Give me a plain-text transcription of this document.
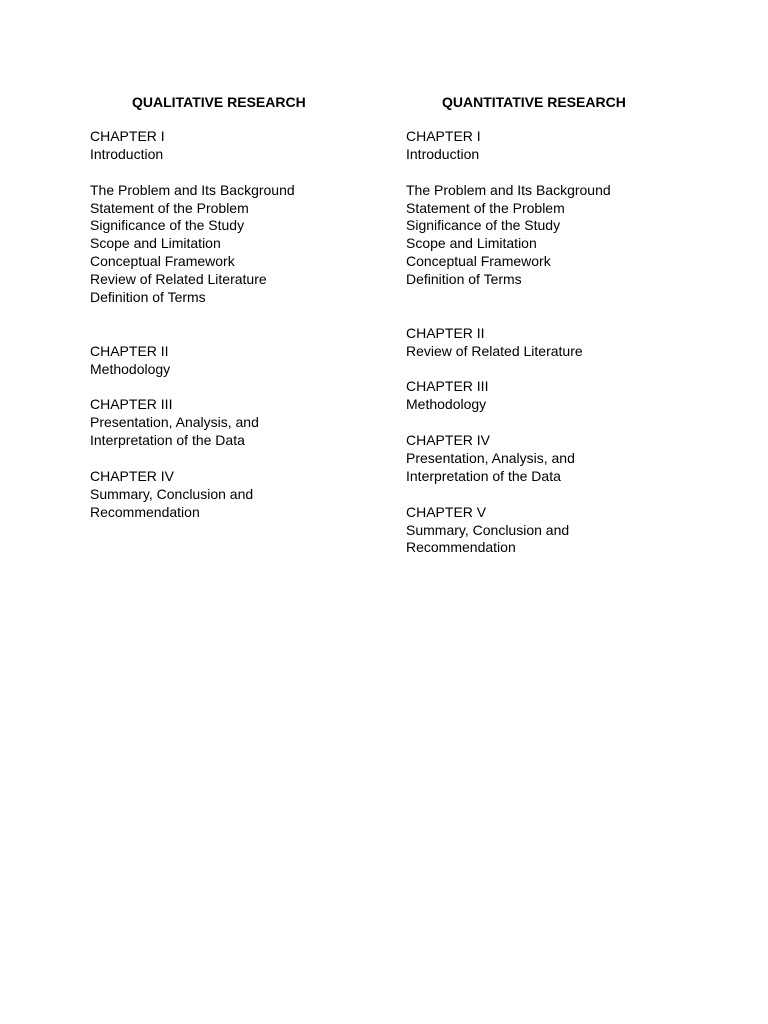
QUALITATIVE RESEARCH
CHAPTER I
Introduction
The Problem and Its Background
Statement of the Problem
Significance of the Study
Scope and Limitation
Conceptual Framework
Review of Related Literature
Definition of Terms
CHAPTER II
Methodology
CHAPTER III
Presentation, Analysis, and
Interpretation of the Data
CHAPTER IV
Summary, Conclusion and
Recommendation
QUANTITATIVE RESEARCH
CHAPTER I
Introduction
The Problem and Its Background
Statement of the Problem
Significance of the Study
Scope and Limitation
Conceptual Framework
Definition of Terms
CHAPTER II
Review of Related Literature
CHAPTER III
Methodology
CHAPTER IV
Presentation, Analysis, and
Interpretation of the Data
CHAPTER V
Summary, Conclusion and
Recommendation
